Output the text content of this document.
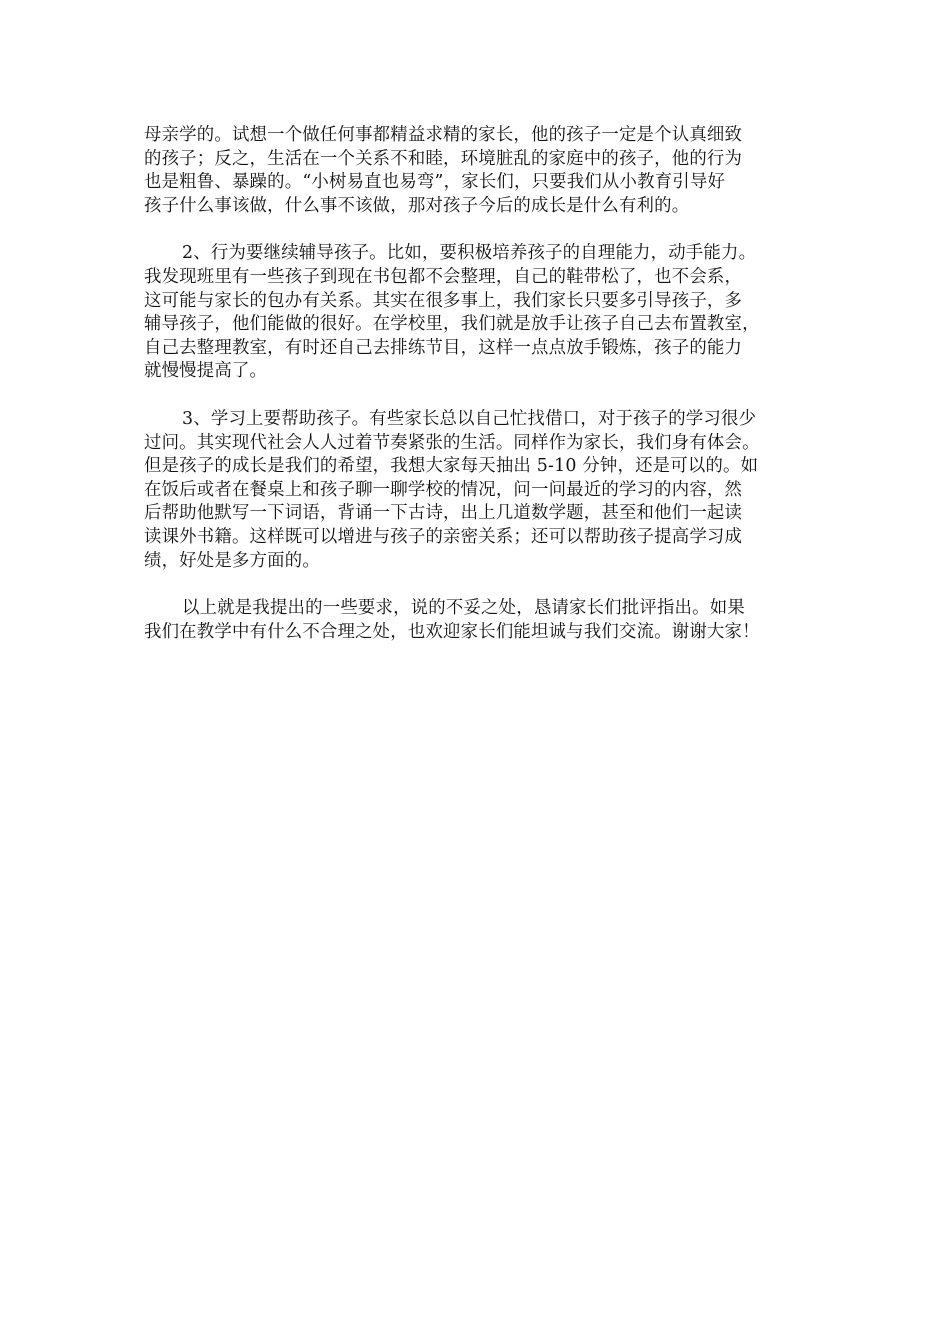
母亲学的。试想一个做任何事都精益求精的家长，他的孩子一定是个认真细致
的孩子；反之，生活在一个关系不和睦，环境脏乱的家庭中的孩子，他的行为
也是粗鲁、暴躁的。“小树易直也易弯”，家长们，只要我们从小教育引导好
孩子什么事该做，什么事不该做，那对孩子今后的成长是什么有利的。

2、行为要继续辅导孩子。比如，要积极培养孩子的自理能力，动手能力。
我发现班里有一些孩子到现在书包都不会整理，自己的鞋带松了，也不会系，
这可能与家长的包办有关系。其实在很多事上，我们家长只要多引导孩子，多
辅导孩子，他们能做的很好。在学校里，我们就是放手让孩子自己去布置教室，
自己去整理教室，有时还自己去排练节目，这样一点点放手锻炼，孩子的能力
就慢慢提高了。

3、学习上要帮助孩子。有些家长总以自己忙找借口，对于孩子的学习很少
过问。其实现代社会人人过着节奏紧张的生活。同样作为家长，我们身有体会。
但是孩子的成长是我们的希望，我想大家每天抽出 5-10 分钟，还是可以的。如
在饭后或者在餐桌上和孩子聊一聊学校的情况，问一问最近的学习的内容，然
后帮助他默写一下词语，背诵一下古诗，出上几道数学题，甚至和他们一起读
读课外书籍。这样既可以增进与孩子的亲密关系；还可以帮助孩子提高学习成
绩，好处是多方面的。

以上就是我提出的一些要求，说的不妥之处，恳请家长们批评指出。如果
我们在教学中有什么不合理之处，也欢迎家长们能坦诚与我们交流。谢谢大家！
